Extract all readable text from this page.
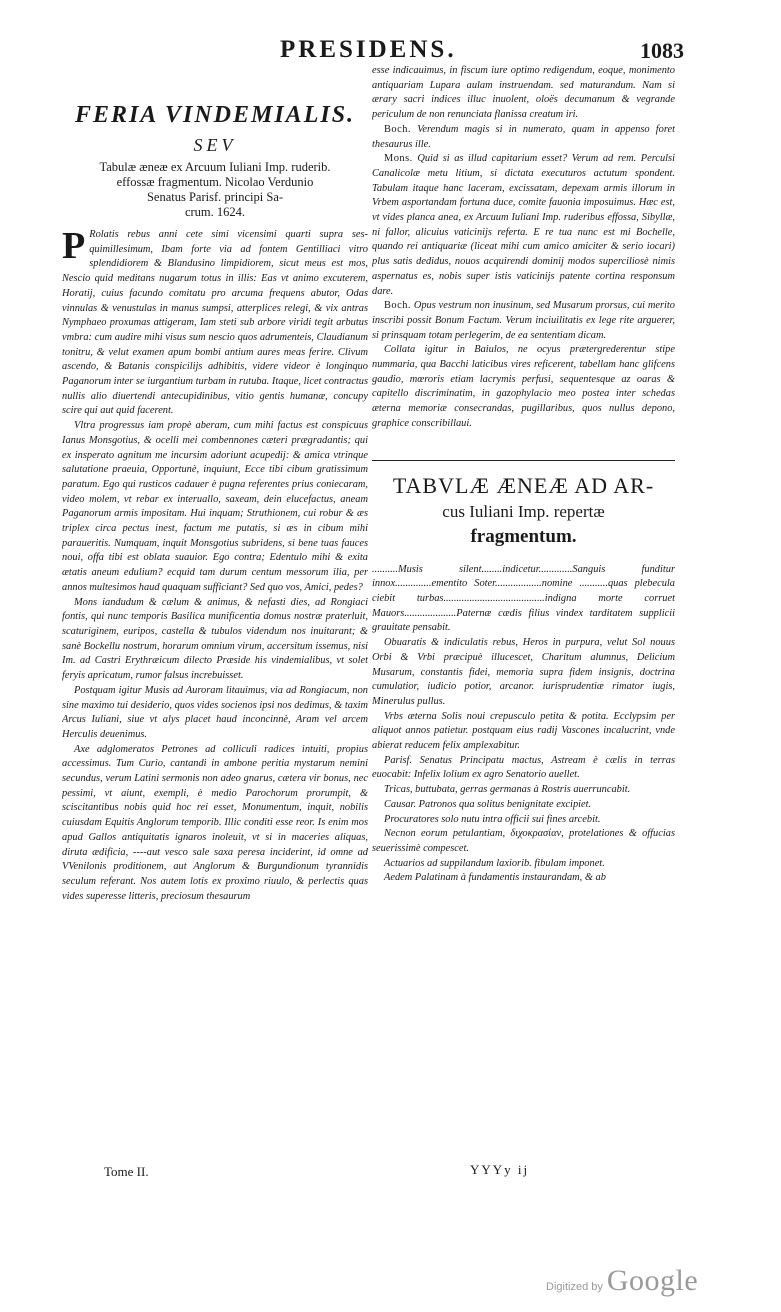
PRESIDENS.	1083
FERIA VINDEMIALIS.
SEV
Tabulæ æneæ ex Arcuum Iuliani Imp. ruderib.
effossæ fragmentum. Nicolao Verdunio
Senatus Parisf. principi Sa-
crum. 1624.

P Rolatis rebus anni cete simi vicensimi quarti supra ses-quimillesimum, Ibam forte via ad fontem Gentilliaci vitro splendidiorem & Blandusino limpidiorem, sicut meus est mos, Nescio quid meditans nugarum totus in illis: Eas vt animo excuterem, Horatij, cuius facundo comitatu pro arcuma frequens abutor, Odas vinnulas & venustulas in manus sumpsi, atterplices relegi, & vix antras Nymphaeo proxumas attigeram, Iam steti sub arbore viridi tegit arbutus vmbra: cum audire mihi visus sum nescio quos adrumenteis, Claudianum tonitru, & velut examen apum bombi antium aures meas ferire. Clivum ascendo, & Batanis conspicilijs adhibitis, videre videor è longinquo Paganorum inter se iurgantium turbam in rutuba. Itaque, licet contractus nullis alio diuertendi antecupidinibus, vitio gentis humanæ, concupy scire qui aut quid facerent.

Vltra progressus iam propè aberam, cum mihi factus est conspicuus Ianus Monsgotius, & ocelli mei combennones cæteri prægradantis; qui ex insperato agnitum me incursim adoriunt acupedij: & amica vtrinque salutatione praeuia, Opportunè, inquiunt, Ecce tibi cibum gratissimum paratum. Ego qui rusticos cadauer è pugna referentes prius coniecaram, video molem, vt rebar ex interuallo, saxeam, dein elucefactus, aneam Paganorum armis impositam. Hui inquam; Struthionem, cui robur & æs triplex circa pectus inest, factum me putatis, si æs in cibum mihi paraueritis. Numquam, inquit Monsgotius subridens, si bene tuas fauces noui, offa tibi est oblata suauior. Ego contra; Edentulo mihi & exita ætatis aneum edulium? ecquid tam durum centum messorum ilia, per annos multesimos haud quaquam sufficiant? Sed quo vos, Amici, pedes?

Mons iandudum & cælum & animus, & nefasti dies, ad Rongiaci fontis, qui nunc temporis Basilica munificentia domus nostræ praterluit, scaturiginem, euripos, castella & tubulos videndum nos inuitarant; & sanè Bockellu nostrum, horarum omnium virum, accersitum issemus, nisi Im. ad Castri Erythræicum dilecto Præside his vindemialibus, vt solet feryis apricatum, rumor falsus increbuisset.

Postquam igitur Musis ad Auroram litauimus, via ad Rongiacum, non sine maximo tui desiderio, quos vides socienos ipsi nos dedimus, & taxim Arcus Iuliani, siue vt alys placet haud inconcinnè, Aram vel arcem Herculis deuenimus.

Axe adglomeratos Petrones ad colliculi radices intuiti, propius accessimus. Tum Curio, cantandi in ambone peritia mystarum nemini secundus, verum Latini sermonis non adeo gnarus, cætera vir bonus, nec pessimi, vt aiunt, exempli, è medio Parochorum prorumpit, & sciscitantibus nobis quid hoc rei esset, Monumentum, inquit, nobilis cuiusdam Equitis Anglorum temporib. Illic conditi esse reor. Is enim mos apud Gallos antiquitatis ignaros inoleuit, vt si in maceries aliquas, diruta ædificia, ----aut vesco sale saxa peresa inciderint, id omne ad VVenilonis proditionem, aut Anglorum & Burgundionum tyrannidis seculum referant. Nos autem lotis ex proximo riuulo, & perlectis quas vides superesse litteris, preciosum thesaurum

esse indicauimus, in fiscum iure optimo redigendum, eoque, monimento antiquariam Lupara aulam instruendam. sed maturandum. Nam si ærary sacri indices illuc inuolent, oloës decumanum & vegrande periculum de non renunciata flanissa creatum iri.

Boch. Verendum magis si in numerato, quam in appenso foret thesaurus ille.

Mons. Quid si as illud capitarium esset? Verum ad rem. Perculsi Canalicolæ metu litium, si dictata executuros actutum spondent. Tabulam itaque hanc laceram, excissatam, depexam armis illorum in Vrbem asportandam fortuna duce, comite fauonia imposuimus. Hæc est, vt vides planca anea, ex Arcuum Iuliani Imp. ruderibus effossa, Sibyllæ, ni fallor, alicuius vaticinijs referta. E re tua nunc est mi Bochelle, quando rei antiquariæ (liceat mihi cum amico amiciter & serio iocari) plus satis dedidus, nouos acquirendi dominij modos superciliosè nimis aspernatus es, nobis super istis vaticinijs patente cortina responsum dare.

Boch. Opus vestrum non inusinum, sed Musarum prorsus, cui merito inscribi possit Bonum Factum. Verum inciuilitatis ex lege rite arguerer, si prinsquam totam perlegerim, de ea sententiam dicam.

Collata igitur in Baiulos, ne ocyus prætergrederentur stipe nummaria, qua Bacchi laticibus vires reficerent, tabellam hanc glifcens gaudio, mœroris etiam lacrymis perfusi, sequentesque az oaras & capitello discriminatim, in gazophylacio meo postea inter schedas æterna memoriæ consecrandas, pugillaribus, quos nullus depono, graphice conscribillaui.

TABVLÆ ÆNEÆ AD AR-
cus Iuliani Imp. repertæ
fragmentum.

..........Musis silent........indicetur.............Sanguis funditur innox..............ementito Soter..................nomine ...........quas plebecula ciebit turbas.......................................indigna morte corruet Mauors....................Paternæ cædis filius vindex tarditatem supplicii grauitate pensabit.

Obuaratis & indiculatis rebus, Heros in purpura, velut Sol nouus Orbi & Vrbi præcipuè illucescet, Charitum alumnus, Delicium Musarum, constantis fidei, memoria supra fidem insignis, doctrina cumulatior, iudicio potior, arcanor. iurisprudentiæ rimator iugis, Minerulus pullus.

Vrbs æterna Solis noui crepusculo petita & potita. Ecclypsim per aliquot annos patietur. postquam eius radij Vascones incalucrint, vnde abierat reducem felix amplexabitur.

Parisf. Senatus Principatu mactus, Astream è cælis in terras euocabit: Infelix lolium ex agro Senatorio auellet.

Tricas, buttubata, gerras germanas à Rostris auerruncabit.

Causar. Patronos qua solitus benignitate excipiet.

Procuratores solo nutu intra officii sui fines arcebit.

Necnon eorum petulantiam, διχοκρασίαν, protelationes & offucias seuerissimè compescet.

Actuarios ad suppilandum laxiorib. fibulam imponet.

Aedem Palatinam à fundamentis instaurandam, & ab

Tome II.	YYYy ij
Digitized by Google
